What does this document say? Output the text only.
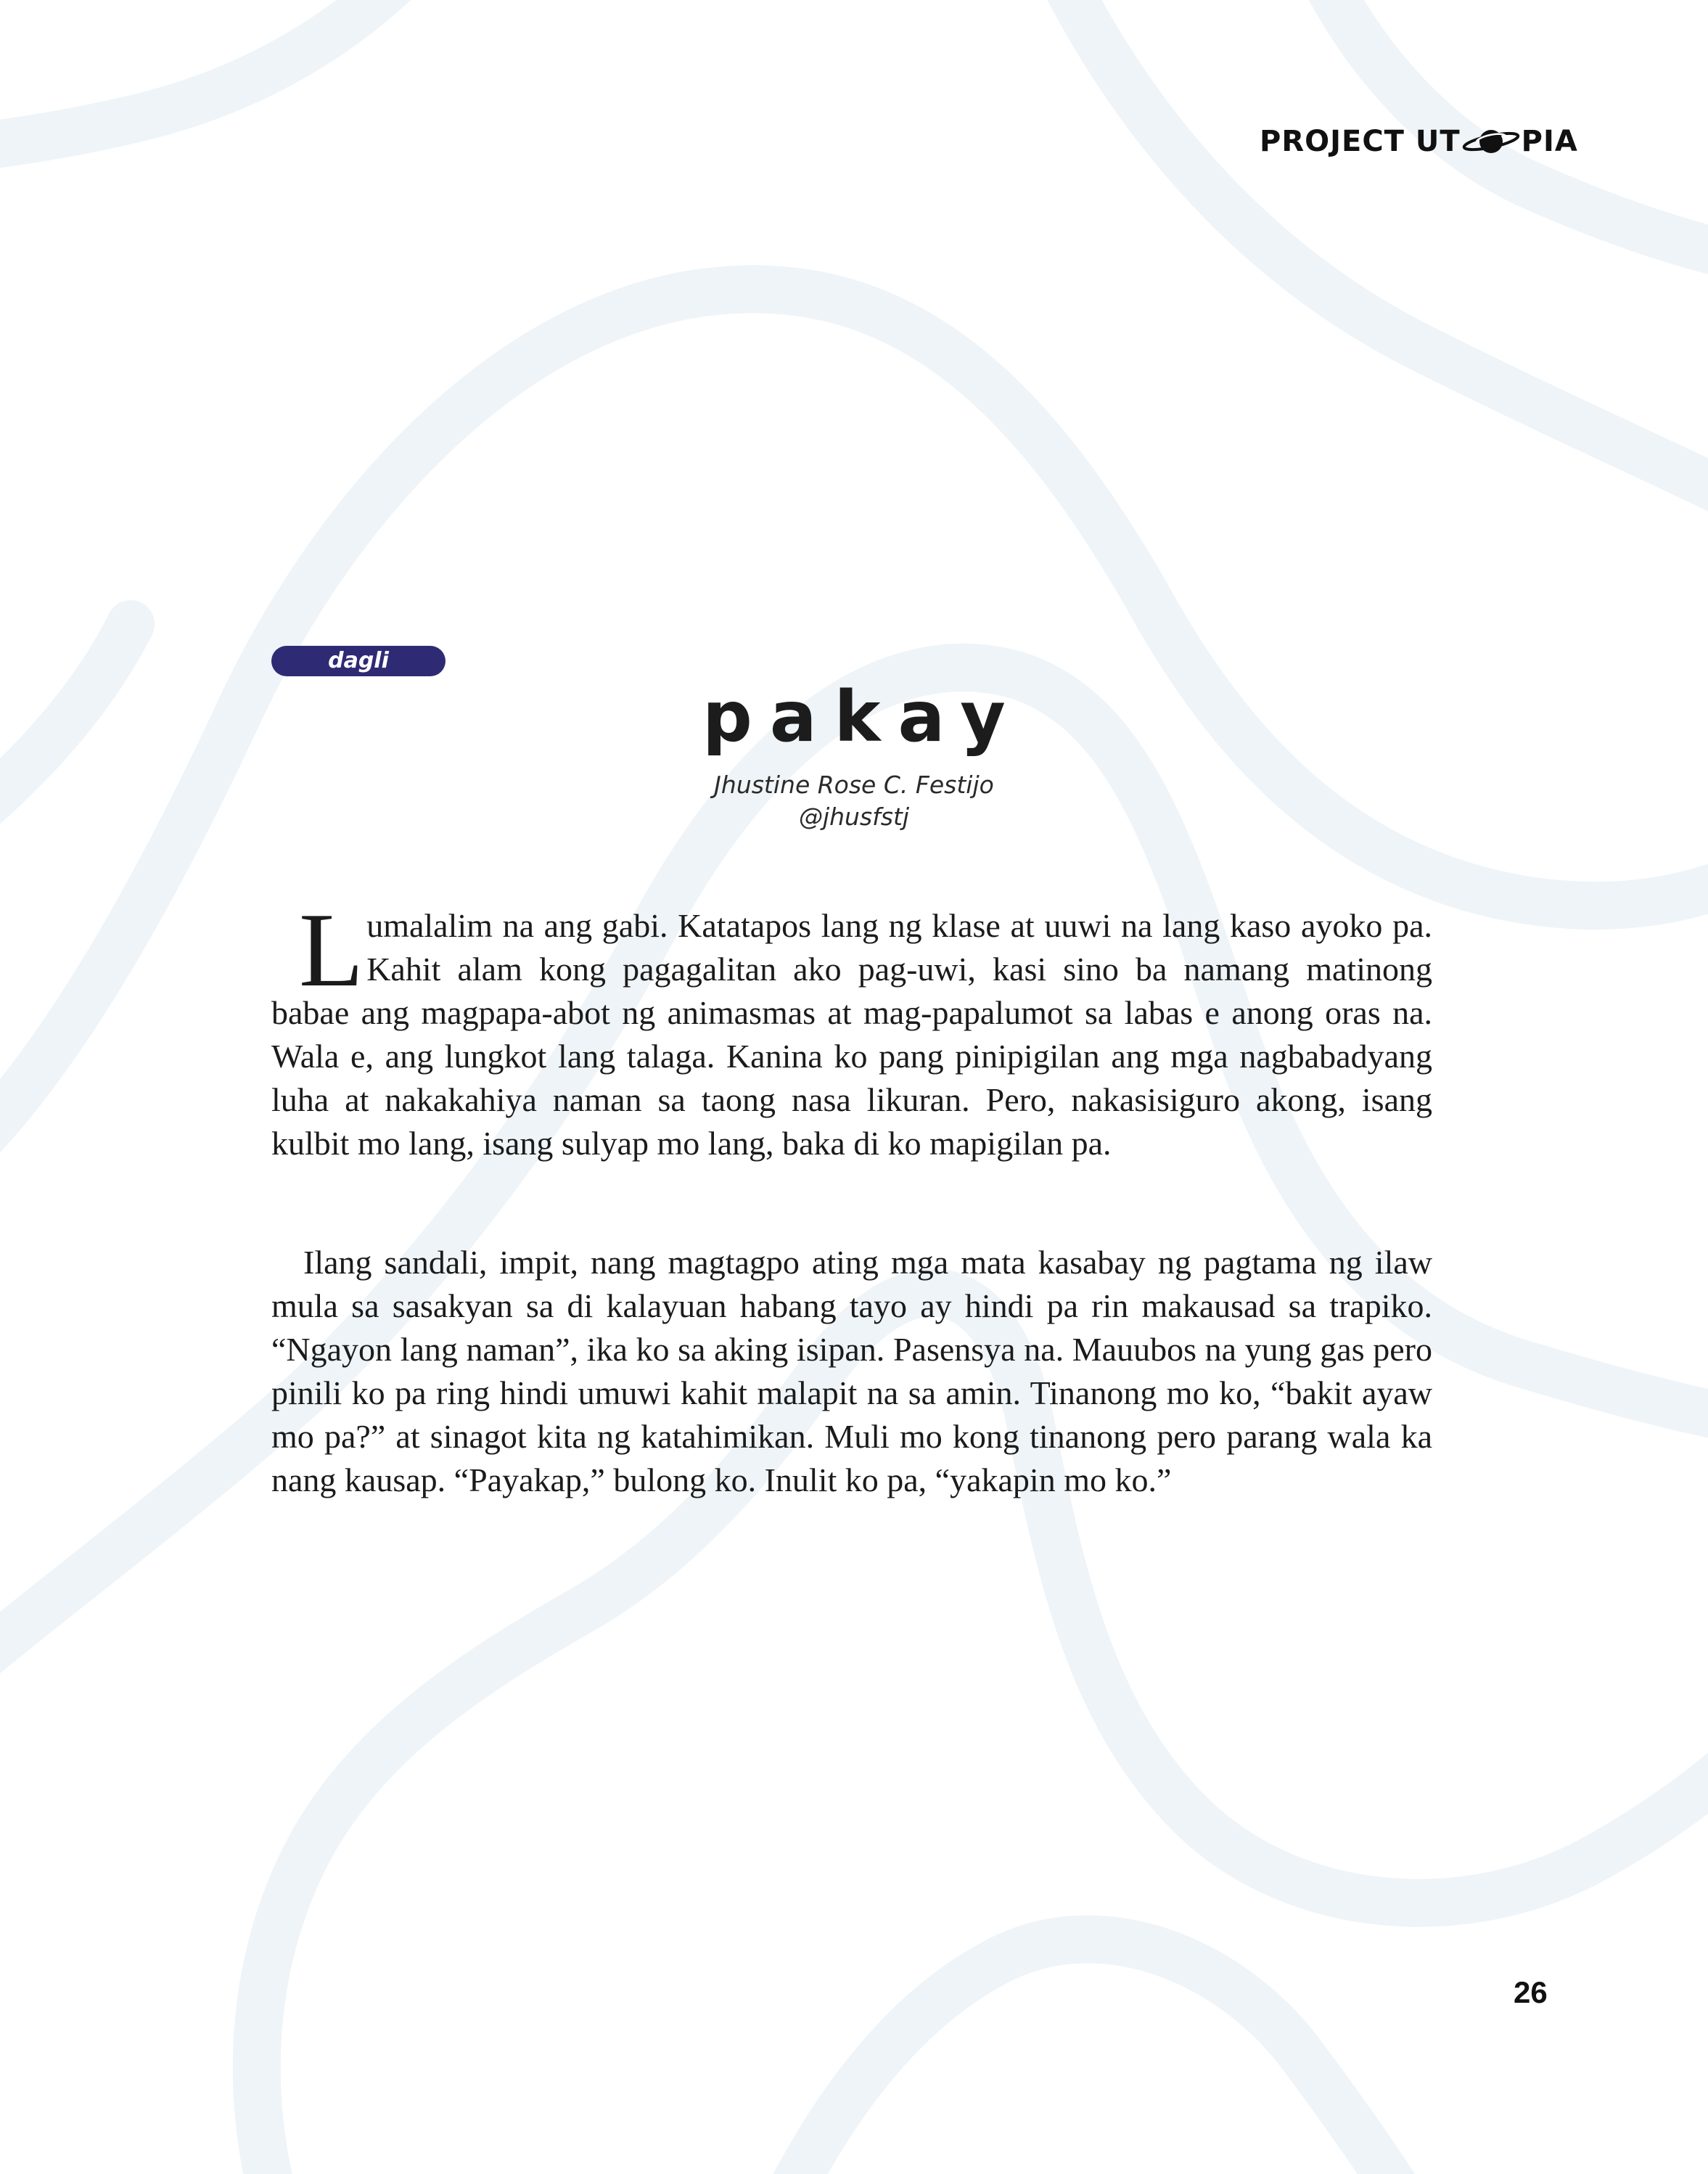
PROJECT UT PIA
dagli
pakay
Jhustine Rose C. Festijo
@jhusfstj
Lumalalim na ang gabi. Katatapos lang ng klase at uuwi na lang kaso ayoko pa. Kahit alam kong pagagalitan ako pag-uwi, kasi sino ba namang matinong babae ang magpapa-abot ng animasmas at mag-papalumot sa labas e anong oras na. Wala e, ang lungkot lang talaga. Kanina ko pang pinipigilan ang mga nagbabadyang luha at nakakahiya naman sa taong nasa likuran. Pero, nakasisiguro akong, isang kulbit mo lang, isang sulyap mo lang, baka di ko mapigilan pa.
Ilang sandali, impit, nang magtagpo ating mga mata kasabay ng pagtama ng ilaw mula sa sasakyan sa di kalayuan habang tayo ay hindi pa rin makausad sa trapiko. “Ngayon lang naman”, ika ko sa aking isipan. Pasensya na. Mauubos na yung gas pero pinili ko pa ring hindi umuwi kahit malapit na sa amin. Tinanong mo ko, “bakit ayaw mo pa?” at sinagot kita ng katahimikan. Muli mo kong tinanong pero parang wala ka nang kausap. “Payakap,” bulong ko. Inulit ko pa, “yakapin mo ko.”
26
